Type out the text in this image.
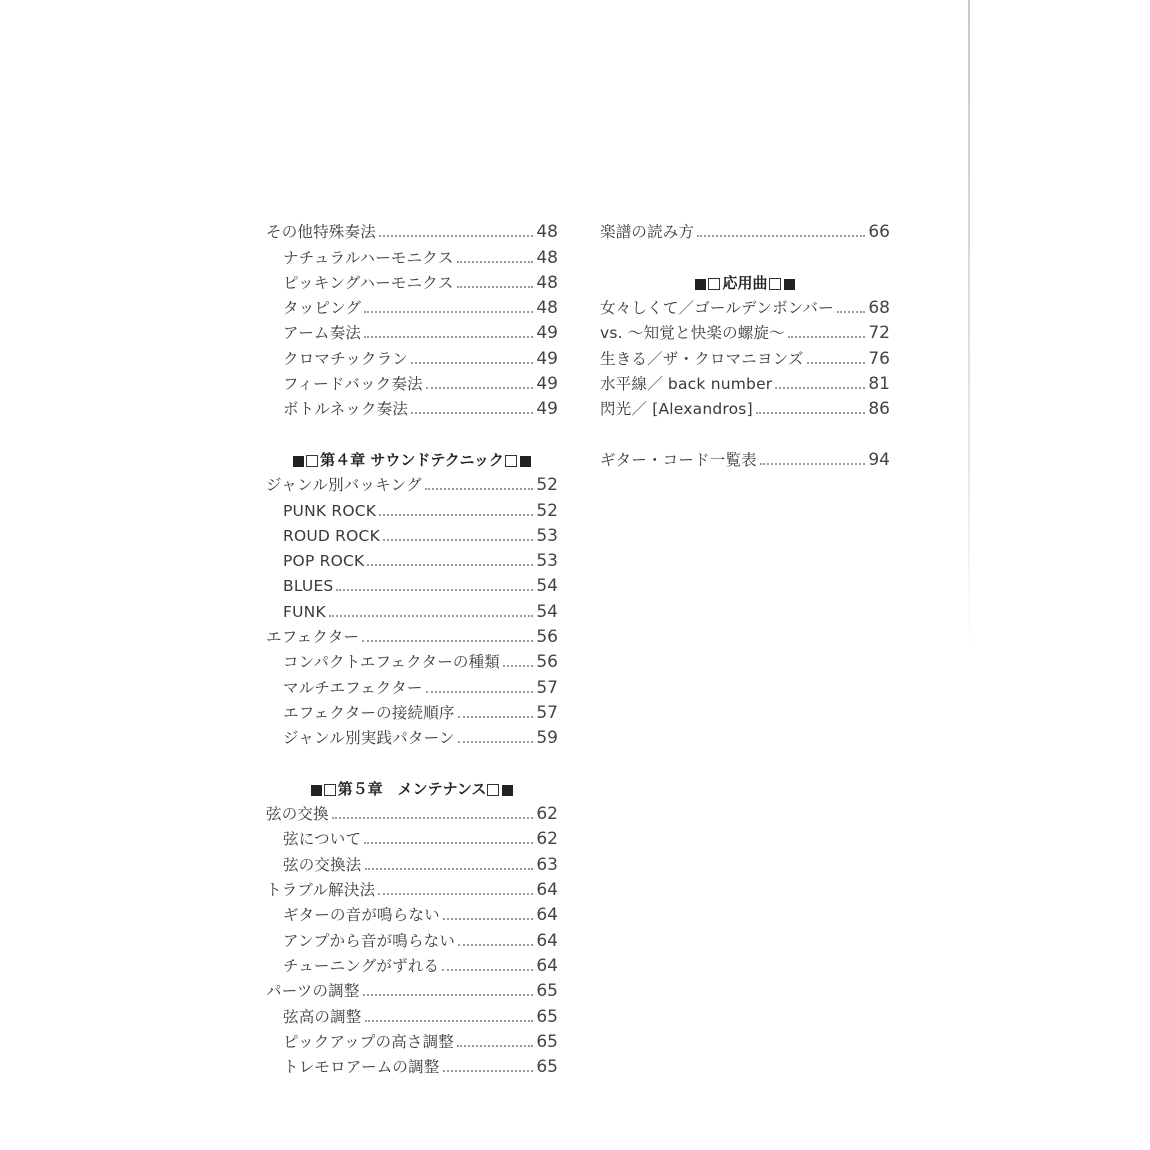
その他特殊奏法	48
ナチュラルハーモニクス	48
ピッキングハーモニクス	48
タッピング	48
アーム奏法	49
クロマチックラン	49
フィードバック奏法	49
ボトルネック奏法	49
第４章 サウンドテクニック
ジャンル別バッキング	52
PUNK ROCK	52
ROUD ROCK	53
POP ROCK	53
BLUES	54
FUNK	54
エフェクター	56
コンパクトエフェクターの種類 56
マルチエフェクター	57
エフェクターの接続順序	57
ジャンル別実践パターン	59
第５章　メンテナンス
弦の交換	62
弦について	62
弦の交換法	63
トラブル解決法	64
ギターの音が鳴らない	64
アンプから音が鳴らない	64
チューニングがずれる	64
パーツの調整	65
弦高の調整	65
ピックアップの高さ調整	65
トレモロアームの調整	65
楽譜の読み方	66
応用曲
女々しくて／ゴールデンボンバー 68
vs. ～知覚と快楽の螺旋～	72
生きる／ザ・クロマニヨンズ	76
水平線／ back number	81
閃光／ [Alexandros]	86
ギター・コード一覧表	94
